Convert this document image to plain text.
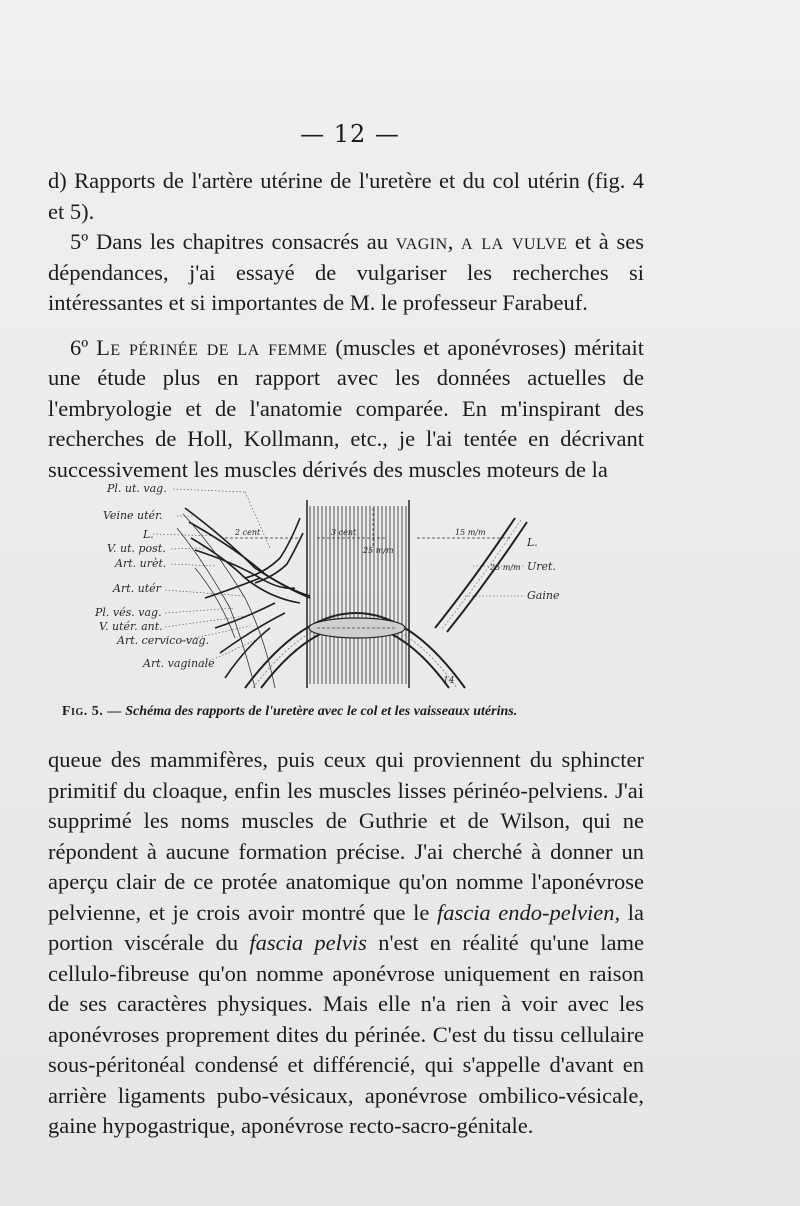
— 12 —

d) Rapports de l'artère utérine de l'uretère et du col utérin (fig. 4 et 5).

5º Dans les chapitres consacrés au vagin, a la vulve et à ses dépendances, j'ai essayé de vulgariser les recherches si intéressantes et si importantes de M. le professeur Farabeuf.

6º Le périnée de la femme (muscles et aponévroses) méritait une étude plus en rapport avec les données actuelles de l'embryologie et de l'anatomie comparée. En m'inspirant des recherches de Holl, Kollmann, etc., je l'ai tentée en décrivant successivement les muscles dérivés des muscles moteurs de la

Pl. ut. vag.
Veine utér.
L.
V. ut. post.
Art. urèt.
Art. utér
Pl. vés. vag.
V. utér. ant.
Art. cervico-vag.
Art. vaginale
L.
Uret.
Gaine
2 cent	3 cent
25 m/m
15 m/m
25 m/m
14
Fig. 5. — Schéma des rapports de l'uretère avec le col et les vaisseaux utérins.

queue des mammifères, puis ceux qui proviennent du sphincter primitif du cloaque, enfin les muscles lisses périnéo-pelviens. J'ai supprimé les noms muscles de Guthrie et de Wilson, qui ne répondent à aucune formation précise. J'ai cherché à donner un aperçu clair de ce protée anatomique qu'on nomme l'aponévrose pelvienne, et je crois avoir montré que le fascia endo-pelvien, la portion viscérale du fascia pelvis n'est en réalité qu'une lame cellulo-fibreuse qu'on nomme aponévrose uniquement en raison de ses caractères physiques. Mais elle n'a rien à voir avec les aponévroses proprement dites du périnée. C'est du tissu cellulaire sous-péritonéal condensé et différencié, qui s'appelle d'avant en arrière ligaments pubo-vésicaux, aponévrose ombilico-vésicale, gaine hypogastrique, aponévrose recto-sacro-génitale.
